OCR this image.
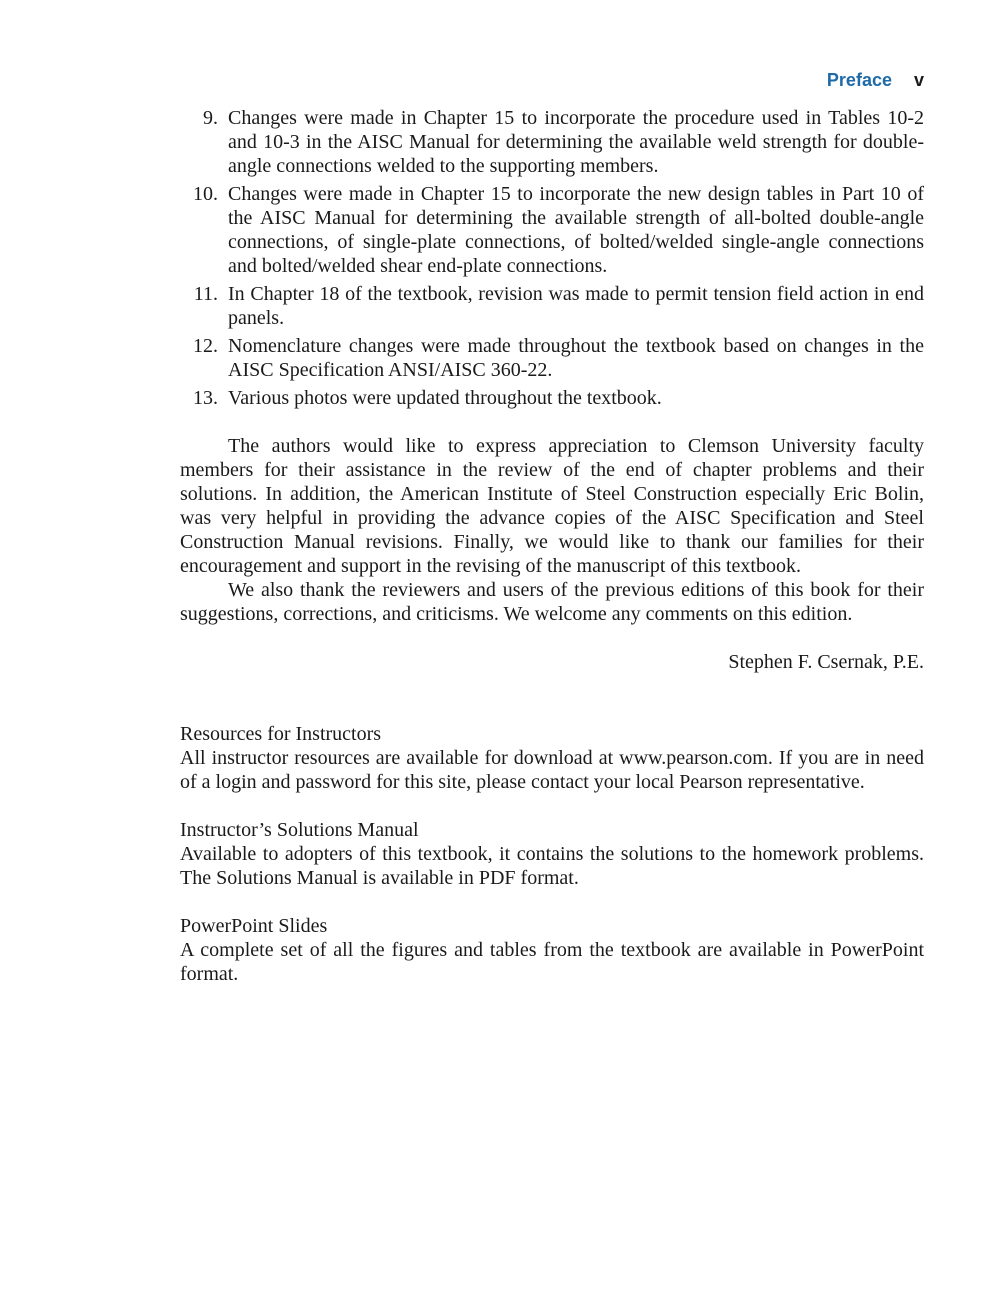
Preface v
9. Changes were made in Chapter 15 to incorporate the procedure used in Tables 10-2 and 10-3 in the AISC Manual for determining the available weld strength for double-angle connections welded to the supporting members.
10. Changes were made in Chapter 15 to incorporate the new design tables in Part 10 of the AISC Manual for determining the available strength of all-bolted double-angle connections, of single-plate connections, of bolted/welded single-angle connections and bolted/welded shear end-plate connections.
11. In Chapter 18 of the textbook, revision was made to permit tension field action in end panels.
12. Nomenclature changes were made throughout the textbook based on changes in the AISC Specification ANSI/AISC 360-22.
13. Various photos were updated throughout the textbook.

The authors would like to express appreciation to Clemson University faculty members for their assistance in the review of the end of chapter problems and their solutions. In addition, the American Institute of Steel Construction especially Eric Bolin, was very helpful in providing the advance copies of the AISC Specification and Steel Construction Manual revisions. Finally, we would like to thank our families for their encouragement and support in the revising of the manuscript of this textbook.

We also thank the reviewers and users of the previous editions of this book for their suggestions, corrections, and criticisms. We welcome any comments on this edition.

Stephen F. Csernak, P.E.

Resources for Instructors

All instructor resources are available for download at www.pearson.com. If you are in need of a login and password for this site, please contact your local Pearson representative.

Instructor’s Solutions Manual

Available to adopters of this textbook, it contains the solutions to the homework problems. The Solutions Manual is available in PDF format.

PowerPoint Slides

A complete set of all the figures and tables from the textbook are available in PowerPoint format.
